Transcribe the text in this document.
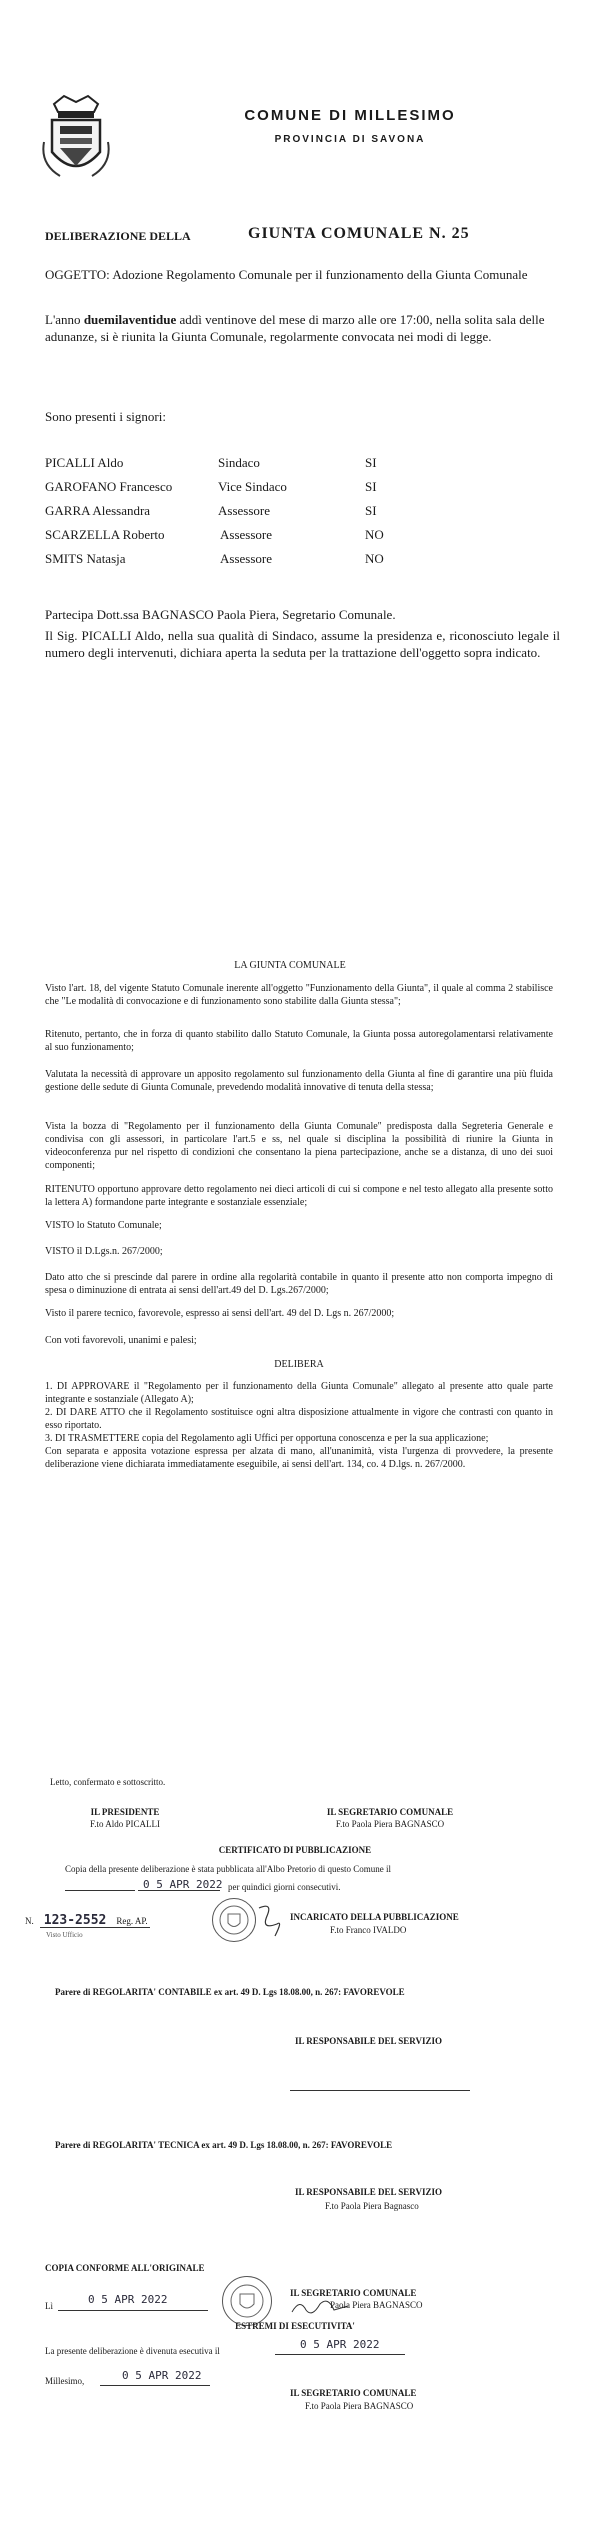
COMUNE DI MILLESIMO
PROVINCIA DI SAVONA
DELIBERAZIONE DELLA	GIUNTA COMUNALE N. 25
OGGETTO: Adozione Regolamento Comunale per il funzionamento della Giunta Comunale
L'anno duemilaventidue addì ventinove del mese di marzo alle ore 17:00, nella solita sala delle adunanze, si è riunita la Giunta Comunale, regolarmente convocata nei modi di legge.
Sono presenti i signori:
PICALLI Aldo	Sindaco	SI
GAROFANO Francesco	Vice Sindaco	SI
GARRA Alessandra	Assessore	SI
SCARZELLA Roberto	Assessore	NO
SMITS Natasja	Assessore	NO
Partecipa Dott.ssa BAGNASCO Paola Piera, Segretario Comunale.
Il Sig. PICALLI Aldo, nella sua qualità di Sindaco, assume la presidenza e, riconosciuto legale il numero degli intervenuti, dichiara aperta la seduta per la trattazione dell'oggetto sopra indicato.
LA GIUNTA COMUNALE
Visto l'art. 18, del vigente Statuto Comunale inerente all'oggetto "Funzionamento della Giunta", il quale al comma 2 stabilisce che "Le modalità di convocazione e di funzionamento sono stabilite dalla Giunta stessa";
Ritenuto, pertanto, che in forza di quanto stabilito dallo Statuto Comunale, la Giunta possa autoregolamentarsi relativamente al suo funzionamento;
Valutata la necessità di approvare un apposito regolamento sul funzionamento della Giunta al fine di garantire una più fluida gestione delle sedute di Giunta Comunale, prevedendo modalità innovative di tenuta della stessa;
Vista la bozza di "Regolamento per il funzionamento della Giunta Comunale" predisposta dalla Segreteria Generale e condivisa con gli assessori, in particolare l'art.5 e ss, nel quale si disciplina la possibilità di riunire la Giunta in videoconferenza pur nel rispetto di condizioni che consentano la piena partecipazione, anche se a distanza, di uno dei suoi componenti;
RITENUTO opportuno approvare detto regolamento nei dieci articoli di cui si compone e nel testo allegato alla presente sotto la lettera A) formandone parte integrante e sostanziale essenziale;
VISTO lo Statuto Comunale;
VISTO il D.Lgs.n. 267/2000;
Dato atto che si prescinde dal parere in ordine alla regolarità contabile in quanto il presente atto non comporta impegno di spesa o diminuzione di entrata ai sensi dell'art.49 del D. Lgs.267/2000;
Visto il parere tecnico, favorevole, espresso ai sensi dell'art. 49 del D. Lgs n. 267/2000;
Con voti favorevoli, unanimi e palesi;
DELIBERA
1. DI APPROVARE il "Regolamento per il funzionamento della Giunta Comunale" allegato al presente atto quale parte integrante e sostanziale (Allegato A);
2. DI DARE ATTO che il Regolamento sostituisce ogni altra disposizione attualmente in vigore che contrasti con quanto in esso riportato.
3. DI TRASMETTERE copia del Regolamento agli Uffici per opportuna conoscenza e per la sua applicazione;
Con separata e apposita votazione espressa per alzata di mano, all'unanimità, vista l'urgenza di provvedere, la presente deliberazione viene dichiarata immediatamente eseguibile, ai sensi dell'art. 134, co. 4 D.lgs. n. 267/2000.
Letto, confermato e sottoscritto.
IL PRESIDENTE
F.to Aldo PICALLI
IL SEGRETARIO COMUNALE
F.to Paola Piera BAGNASCO
CERTIFICATO DI PUBBLICAZIONE
Copia della presente deliberazione è stata pubblicata all'Albo Pretorio di questo Comune il
0 5 APR 2022 per quindici giorni consecutivi.
N. 123-2552 Reg. AP.
Visto Ufficio
INCARICATO DELLA PUBBLICAZIONE
F.to Franco IVALDO
Parere di REGOLARITA' CONTABILE ex art. 49 D. Lgs 18.08.00, n. 267: FAVOREVOLE
IL RESPONSABILE DEL SERVIZIO
Parere di REGOLARITA' TECNICA ex art. 49 D. Lgs 18.08.00, n. 267: FAVOREVOLE
IL RESPONSABILE DEL SERVIZIO
F.to Paola Piera Bagnasco
COPIA CONFORME ALL'ORIGINALE
Lì	0 5 APR 2022	IL SEGRETARIO COMUNALE
Paola Piera BAGNASCO
ESTREMI DI ESECUTIVITA'
La presente deliberazione è divenuta esecutiva il	0 5 APR 2022
Millesimo,	0 5 APR 2022
IL SEGRETARIO COMUNALE
F.to Paola Piera BAGNASCO
